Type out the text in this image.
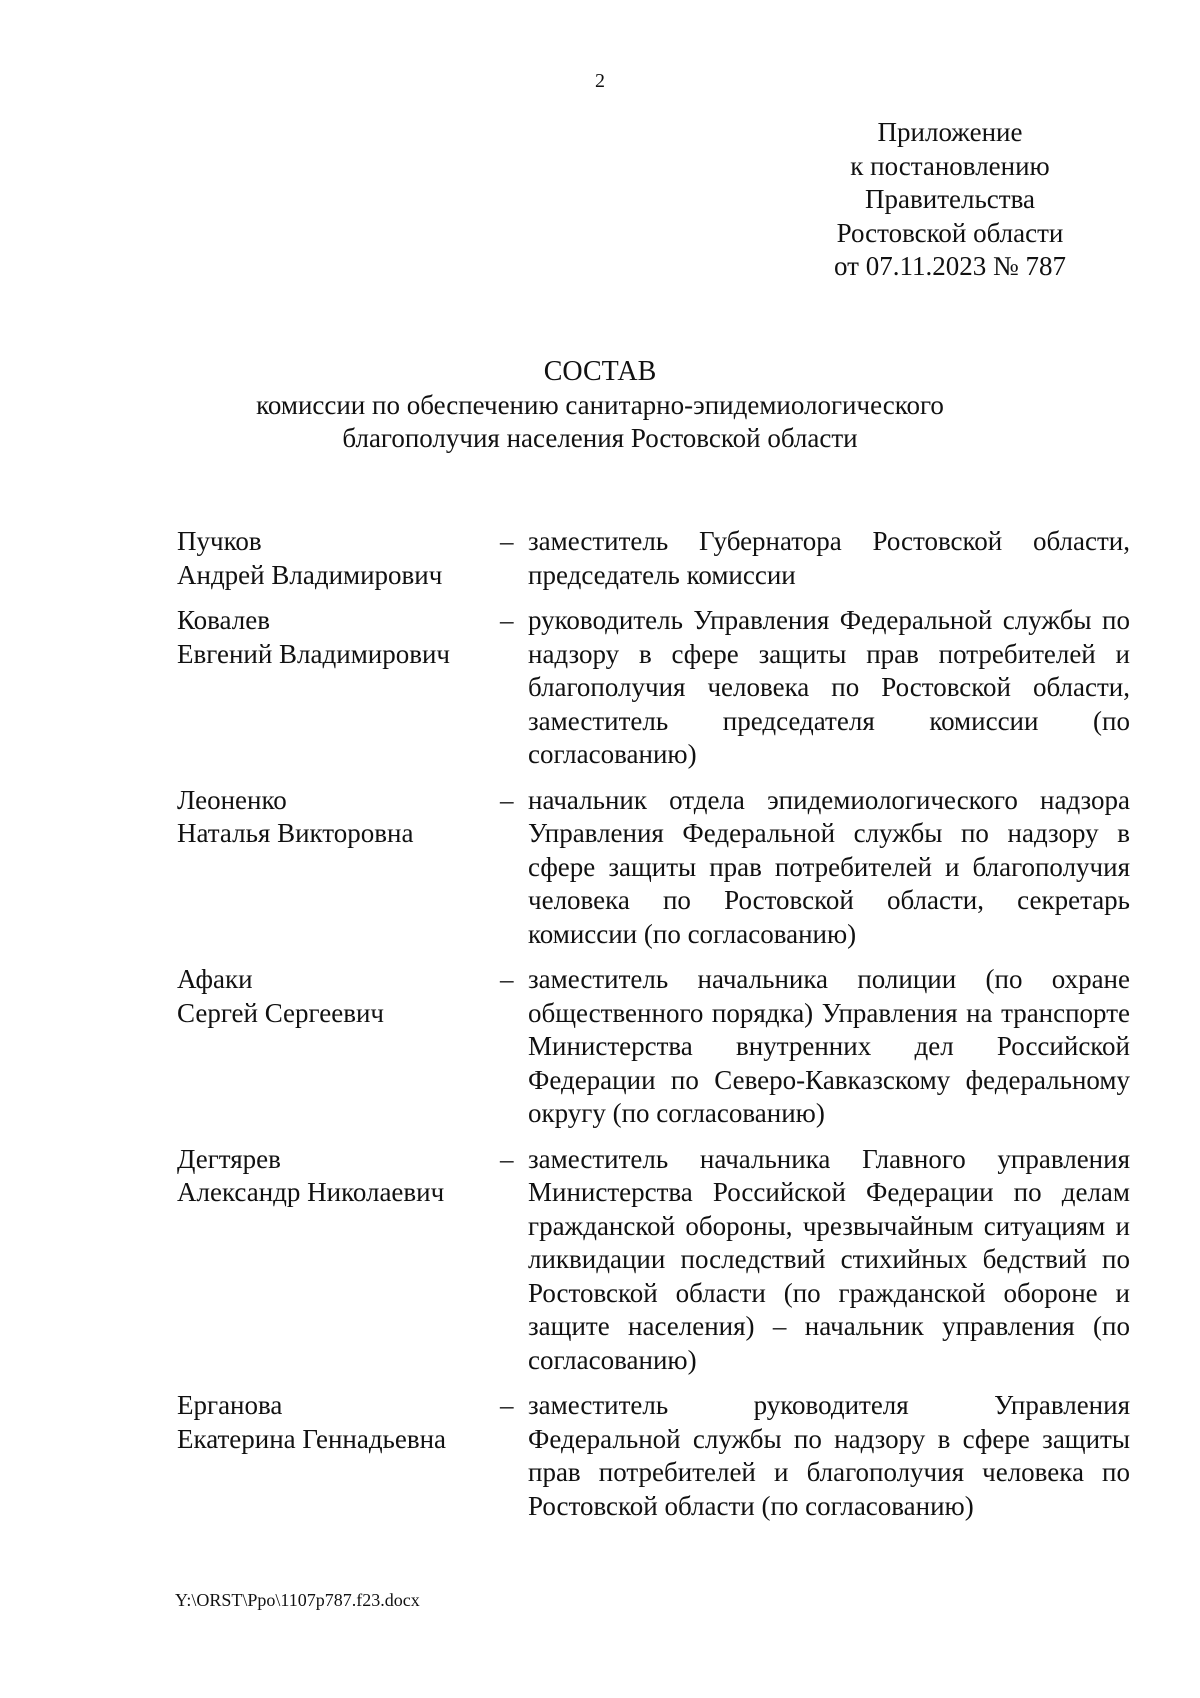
2
Приложение
к постановлению
Правительства
Ростовской области
от 07.11.2023 № 787
СОСТАВ
комиссии по обеспечению санитарно-эпидемиологического
благополучия населения Ростовской области
Пучков
Андрей Владимирович
– заместитель Губернатора Ростовской области, председатель комиссии
Ковалев
Евгений Владимирович
– руководитель Управления Федеральной службы по надзору в сфере защиты прав потребителей и благополучия человека по Ростовской области, заместитель председателя комиссии (по согласованию)
Леоненко
Наталья Викторовна
– начальник отдела эпидемиологического надзора Управления Федеральной службы по надзору в сфере защиты прав потребителей и благополучия человека по Ростовской области, секретарь комиссии (по согласованию)
Афаки
Сергей Сергеевич
– заместитель начальника полиции (по охране общественного порядка) Управления на транспорте Министерства внутренних дел Российской Федерации по Северо-Кавказскому федеральному округу (по согласованию)
Дегтярев
Александр Николаевич
– заместитель начальника Главного управления Министерства Российской Федерации по делам гражданской обороны, чрезвычайным ситуациям и ликвидации последствий стихийных бедствий по Ростовской области (по гражданской обороне и защите населения) – начальник управления (по согласованию)
Ерганова
Екатерина Геннадьевна
– заместитель руководителя Управления Федеральной службы по надзору в сфере защиты прав потребителей и благополучия человека по Ростовской области (по согласованию)
Y:\ORST\Ppo\1107p787.f23.docx
